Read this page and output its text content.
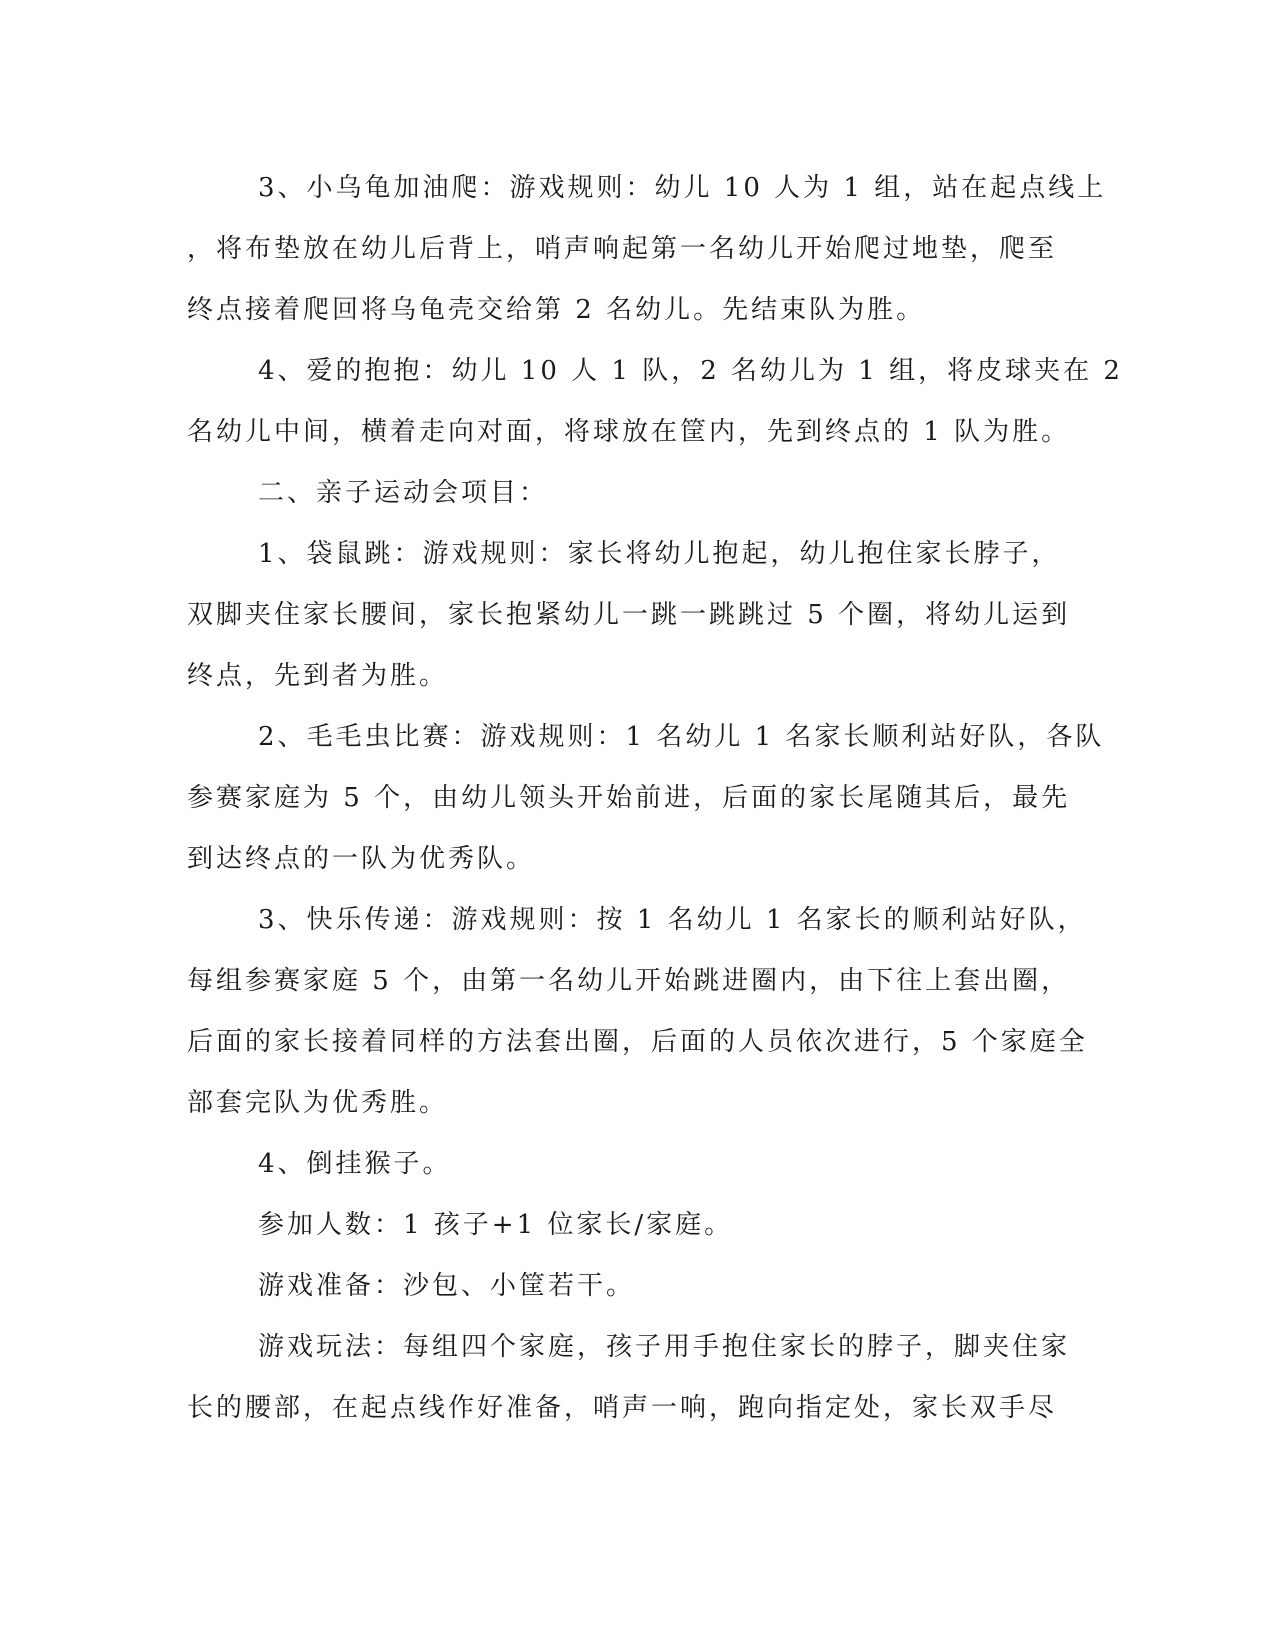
3、小乌龟加油爬：游戏规则：幼儿 10 人为 1 组，站在起点线上
，将布垫放在幼儿后背上，哨声响起第一名幼儿开始爬过地垫，爬至
终点接着爬回将乌龟壳交给第 2 名幼儿。先结束队为胜。

4、爱的抱抱：幼儿 10 人 1 队，2 名幼儿为 1 组，将皮球夹在 2
名幼儿中间，横着走向对面，将球放在筐内，先到终点的 1 队为胜。

二、亲子运动会项目：

1、袋鼠跳：游戏规则：家长将幼儿抱起，幼儿抱住家长脖子，
双脚夹住家长腰间，家长抱紧幼儿一跳一跳跳过 5 个圈，将幼儿运到
终点，先到者为胜。

2、毛毛虫比赛：游戏规则：1 名幼儿 1 名家长顺利站好队，各队
参赛家庭为 5 个，由幼儿领头开始前进，后面的家长尾随其后，最先
到达终点的一队为优秀队。

3、快乐传递：游戏规则：按 1 名幼儿 1 名家长的顺利站好队，
每组参赛家庭 5 个，由第一名幼儿开始跳进圈内，由下往上套出圈，
后面的家长接着同样的方法套出圈，后面的人员依次进行，5 个家庭全
部套完队为优秀胜。

4、倒挂猴子。

参加人数：1 孩子+1 位家长/家庭。

游戏准备：沙包、小筐若干。

游戏玩法：每组四个家庭，孩子用手抱住家长的脖子，脚夹住家
长的腰部，在起点线作好准备，哨声一响，跑向指定处，家长双手尽
